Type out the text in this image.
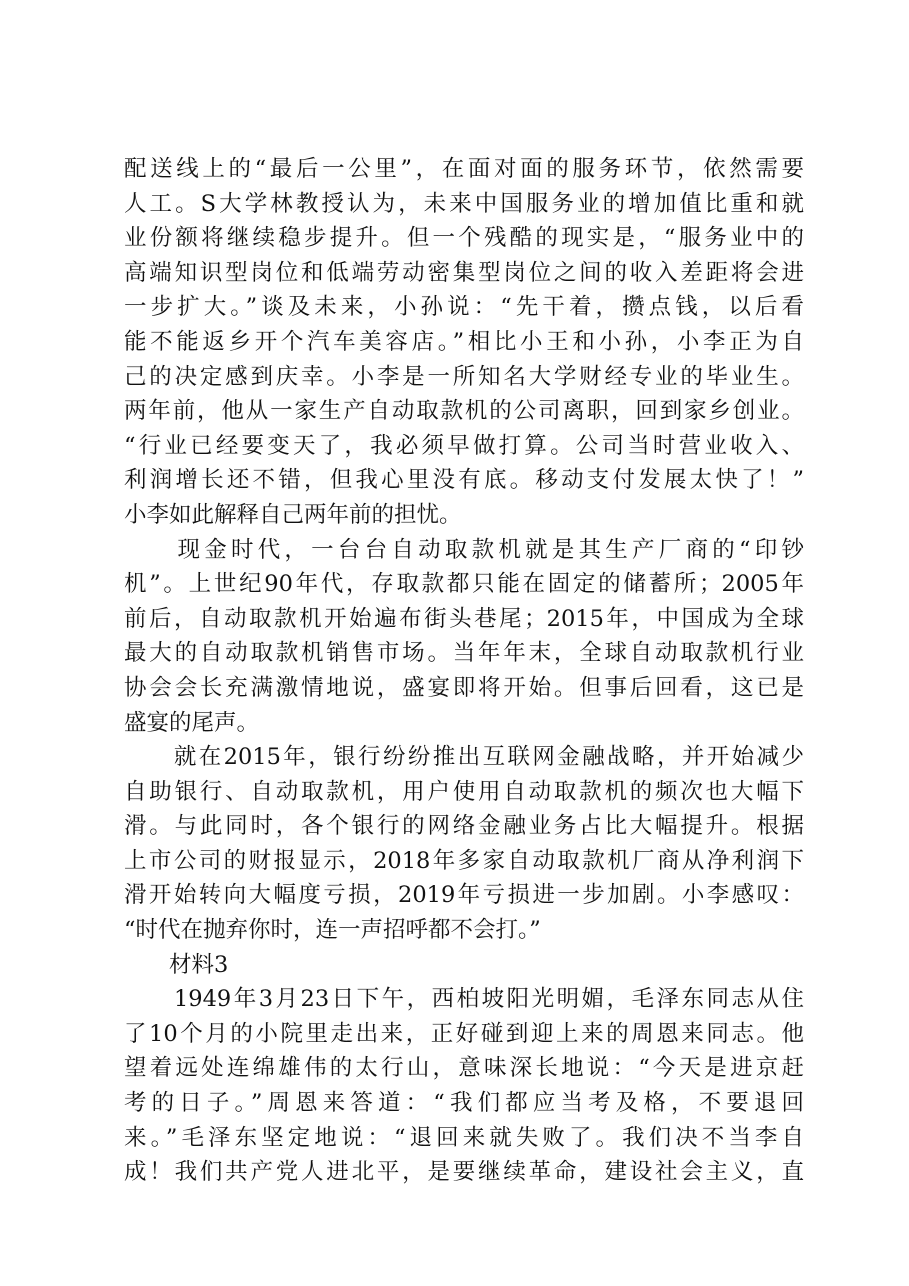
配送线上的“最后一公里”，在面对面的服务环节，依然需要
人工。S大学林教授认为，未来中国服务业的增加值比重和就
业份额将继续稳步提升。但一个残酷的现实是，“服务业中的
高端知识型岗位和低端劳动密集型岗位之间的收入差距将会进
一步扩大。”谈及未来，小孙说：“先干着，攒点钱，以后看
能不能返乡开个汽车美容店。”相比小王和小孙，小李正为自
己的决定感到庆幸。小李是一所知名大学财经专业的毕业生。
两年前，他从一家生产自动取款机的公司离职，回到家乡创业。
“行业已经要变天了，我必须早做打算。公司当时营业收入、
利润增长还不错，但我心里没有底。移动支付发展太快了！”
小李如此解释自己两年前的担忧。
　　现金时代，一台台自动取款机就是其生产厂商的“印钞
机”。上世纪90年代，存取款都只能在固定的储蓄所；2005年
前后，自动取款机开始遍布街头巷尾；2015年，中国成为全球
最大的自动取款机销售市场。当年年末，全球自动取款机行业
协会会长充满激情地说，盛宴即将开始。但事后回看，这已是
盛宴的尾声。
　　就在2015年，银行纷纷推出互联网金融战略，并开始减少
自助银行、自动取款机，用户使用自动取款机的频次也大幅下
滑。与此同时，各个银行的网络金融业务占比大幅提升。根据
上市公司的财报显示，2018年多家自动取款机厂商从净利润下
滑开始转向大幅度亏损，2019年亏损进一步加剧。小李感叹：
“时代在抛弃你时，连一声招呼都不会打。”
　　材料3
　　1949年3月23日下午，西柏坡阳光明媚，毛泽东同志从住
了10个月的小院里走出来，正好碰到迎上来的周恩来同志。他
望着远处连绵雄伟的太行山，意味深长地说：“今天是进京赶
考的日子。”周恩来答道：“我们都应当考及格，不要退回
来。”毛泽东坚定地说：“退回来就失败了。我们决不当李自
成！我们共产党人进北平，是要继续革命，建设社会主义，直
